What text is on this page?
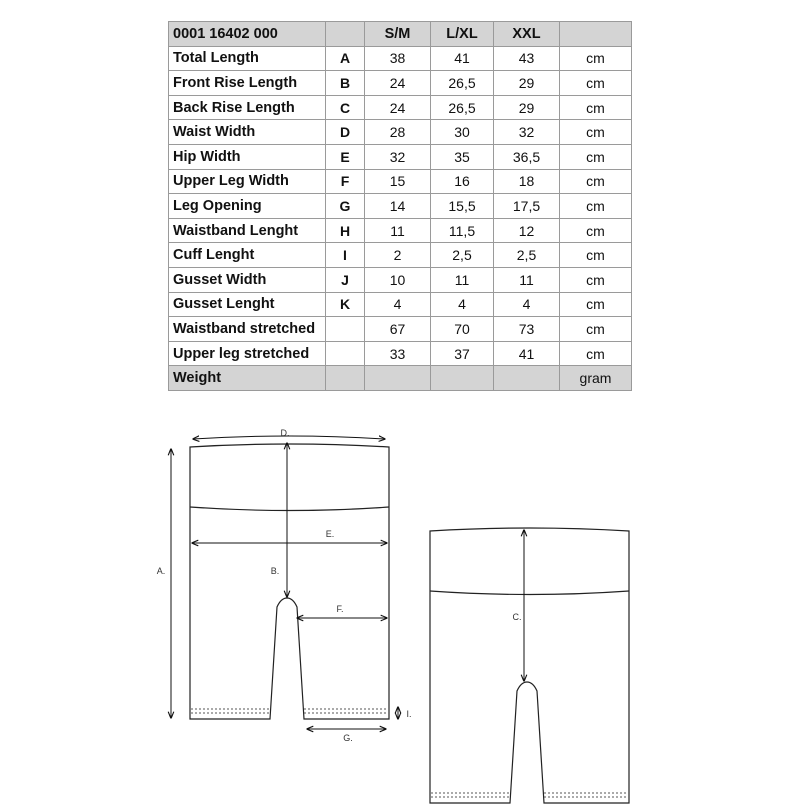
0001 16402 000		S/M	L/XL	XXL	
Total Length	A	38	41	43	cm
Front Rise Length	B	24	26,5	29	cm
Back Rise Length	C	24	26,5	29	cm
Waist Width	D	28	30	32	cm
Hip Width	E	32	35	36,5	cm
Upper Leg Width	F	15	16	18	cm
Leg Opening	G	14	15,5	17,5	cm
Waistband Lenght	H	11	11,5	12	cm
Cuff Lenght	I	2	2,5	2,5	cm
Gusset Width	J	10	11	11	cm
Gusset Lenght	K	4	4	4	cm
Waistband stretched		67	70	73	cm
Upper leg stretched		33	37	41	cm
Weight					gram
A.	B.
D.
E.
F.
G.
I.
C.
